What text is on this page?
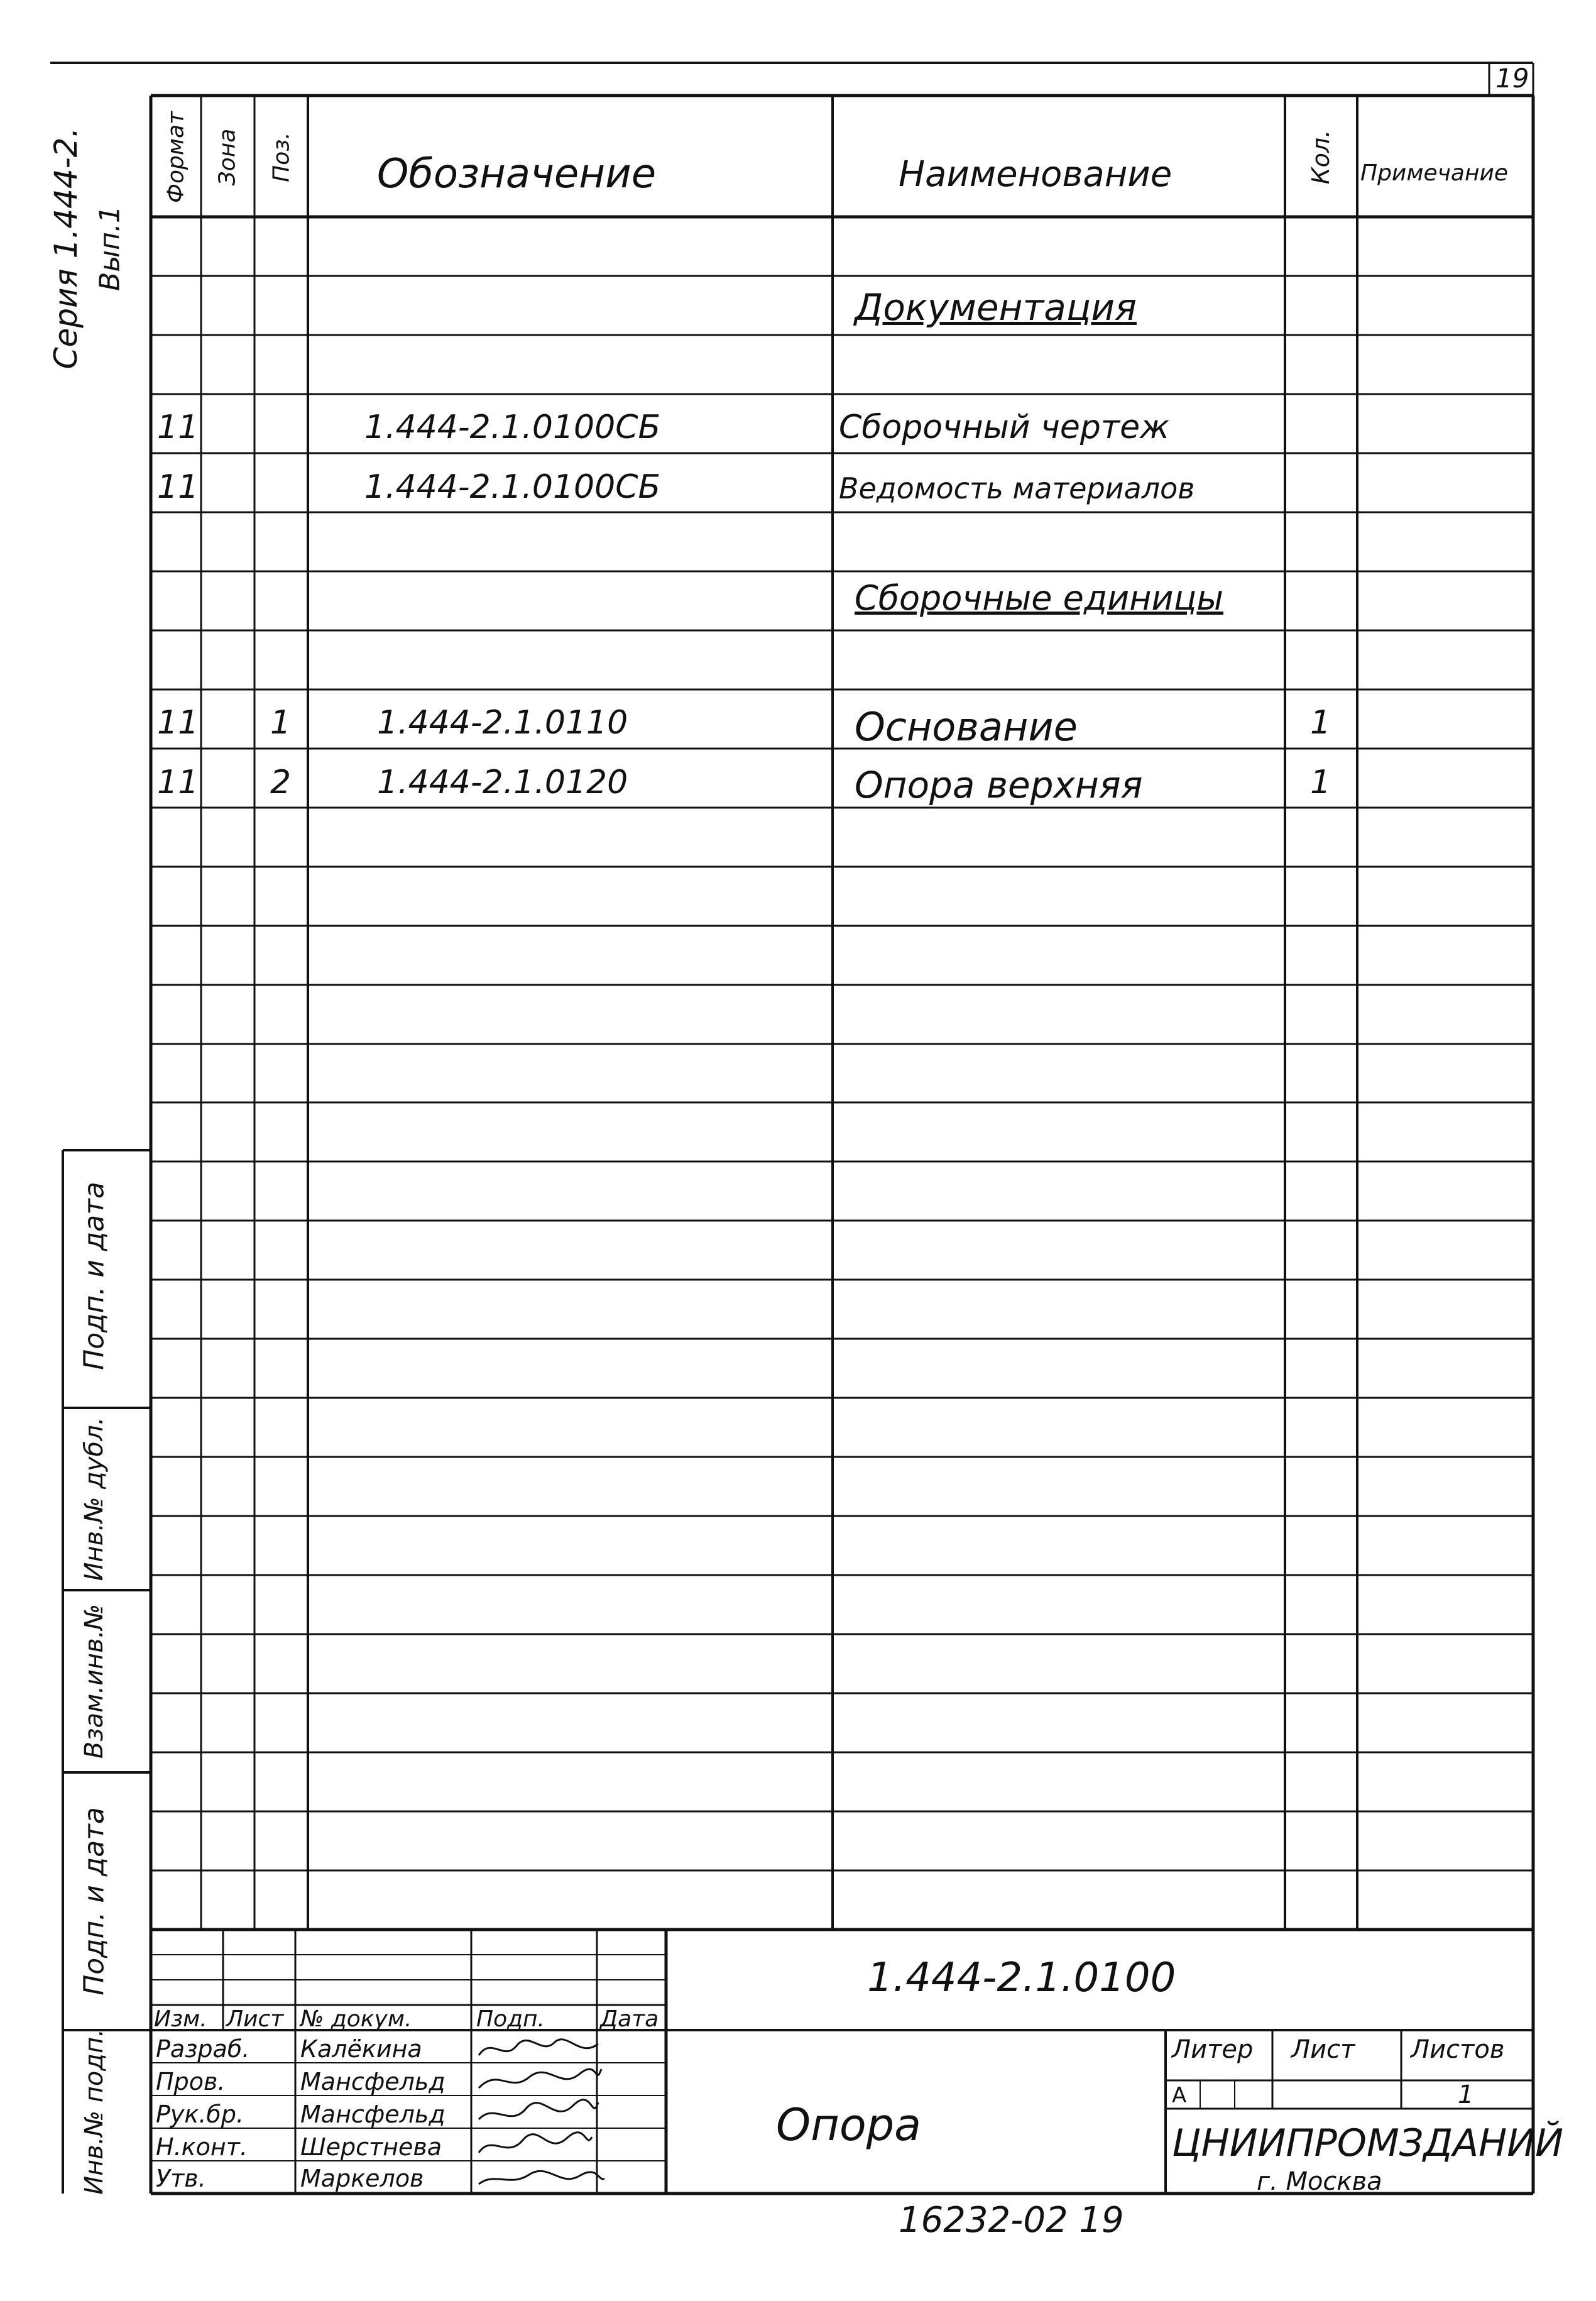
19
Серия 1.444-2. Вып.1
Подп. и дата
Инв.№ дубл.
Взам.инв.№
Подп. и дата
Инв.№ подп.
Формат Зона Поз. Обозначение	Наименование	Кол. Примечание
Документация
11	1.444-2.1.0100СБ	Сборочный чертеж
11	1.444-2.1.0100СБ	Ведомость материалов
Сборочные единицы
11 1	1.444-2.1.0110	Основание	1
11 2	1.444-2.1.0120	Опора верхняя	1
1.444-2.1.0100
Опора
Изм. Лист № докум.	Подп. Дата
Разраб. Калёкина
Пров.	Мансфельд
Рук.бр. Мансфельд
Н.конт. Шерстнева
Утв.	Маркелов
Литер Лист Листов
А	1
ЦНИИПРОМЗДАНИЙ
г. Москва
16232-02 19
